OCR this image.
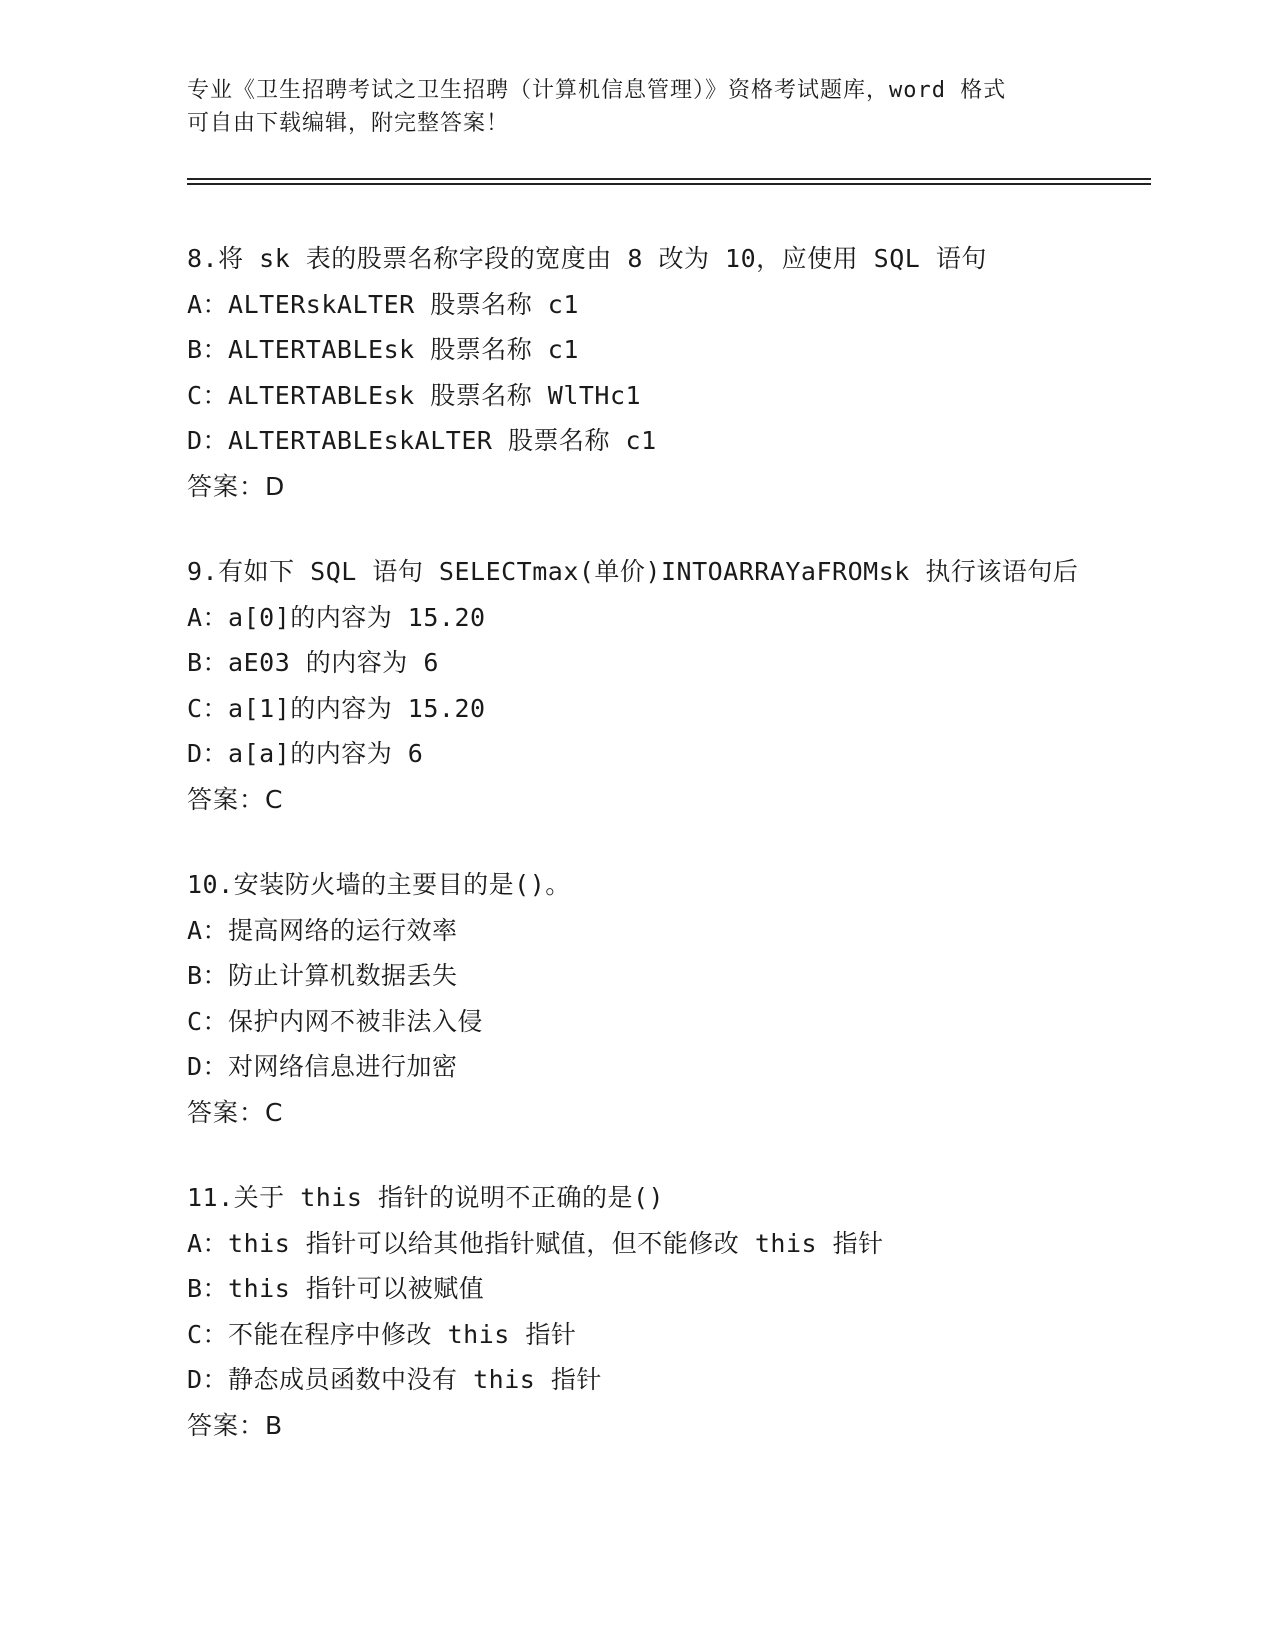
专业《卫生招聘考试之卫生招聘（计算机信息管理）》资格考试题库，word 格式
可自由下载编辑，附完整答案！
8.将 sk 表的股票名称字段的宽度由 8 改为 10，应使用 SQL 语句
A：ALTERskALTER 股票名称 c1
B：ALTERTABLEsk 股票名称 c1
C：ALTERTABLEsk 股票名称 WlTHc1
D：ALTERTABLEskALTER 股票名称 c1
答案：D
9.有如下 SQL 语句 SELECTmax(单价)INTOARRAYaFROMsk 执行该语句后
A：a[0]的内容为 15.20
B：aE03 的内容为 6
C：a[1]的内容为 15.20
D：a[a]的内容为 6
答案：C
10.安装防火墙的主要目的是()。
A：提高网络的运行效率
B：防止计算机数据丢失
C：保护内网不被非法入侵
D：对网络信息进行加密
答案：C
11.关于 this 指针的说明不正确的是()
A：this 指针可以给其他指针赋值，但不能修改 this 指针
B：this 指针可以被赋值
C：不能在程序中修改 this 指针
D：静态成员函数中没有 this 指针
答案：B
